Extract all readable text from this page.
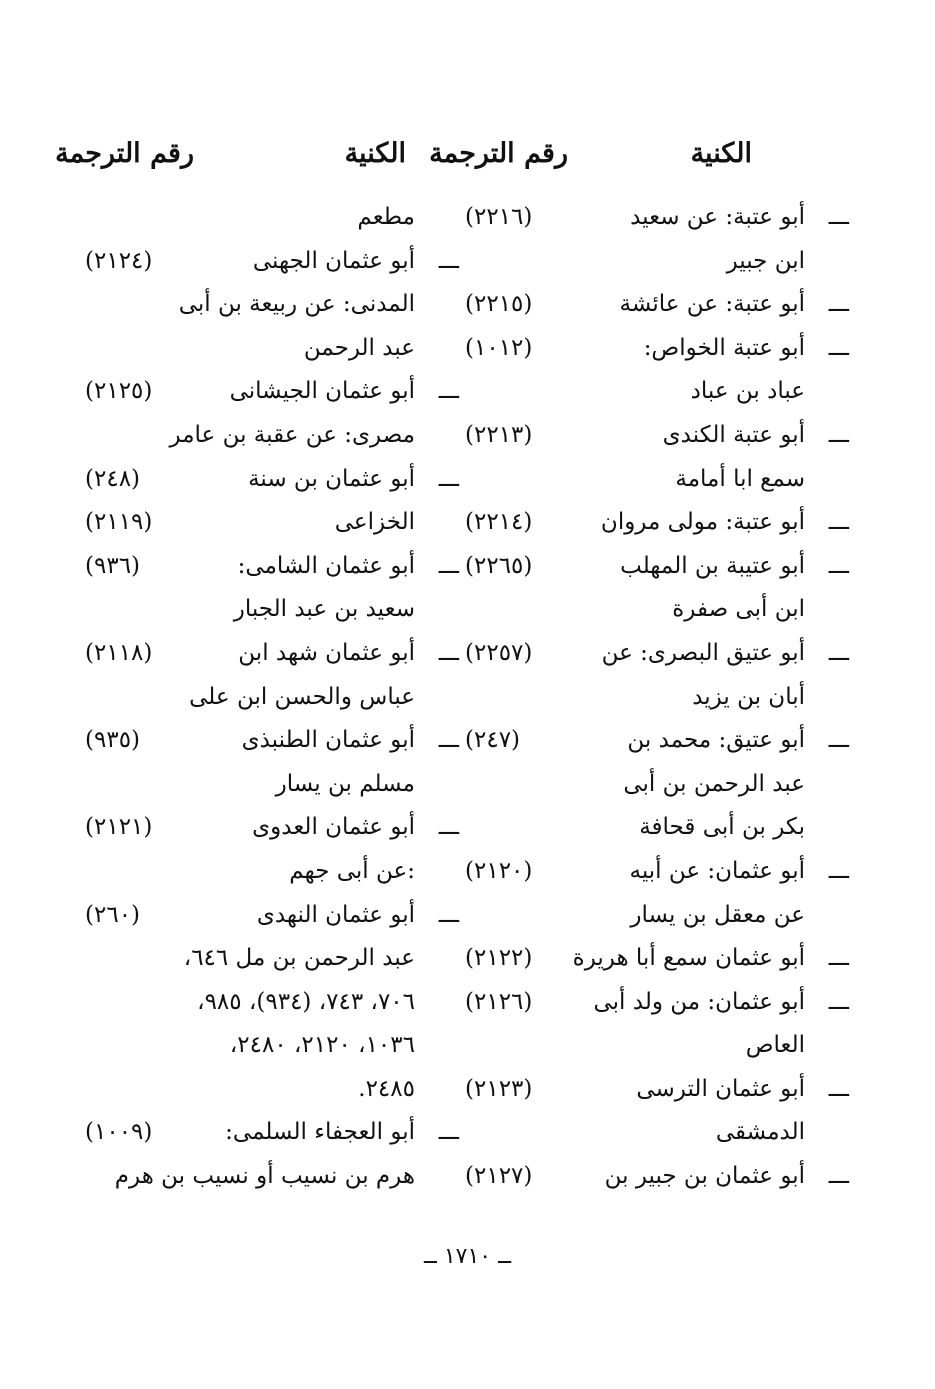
الكنية
رقم الترجمة
الكنية
رقم الترجمة
ـــ
أبو عتبة: عن سعيد
(٢٢١٦)
ابن جبير
ـــ
أبو عتبة: عن عائشة
(٢٢١٥)
ـــ
أبو عتبة الخواص:
(١٠١٢)
عباد بن عباد
ـــ
أبو عتبة الكندى
(٢٢١٣)
سمع ابا أمامة
ـــ
أبو عتبة: مولى مروان
(٢٢١٤)
ـــ
أبو عتيبة بن المهلب
(٢٢٦٥)
ابن أبى صفرة
ـــ
أبو عتيق البصرى: عن
(٢٢٥٧)
أبان بن يزيد
ـــ
أبو عتيق: محمد بن
(٢٤٧)
عبد الرحمن بن أبى
بكر بن أبى قحافة
ـــ
أبو عثمان: عن أبيه
(٢١٢٠)
عن معقل بن يسار
ـــ
أبو عثمان سمع أبا هريرة
(٢١٢٢)
ـــ
أبو عثمان: من ولد أبى
(٢١٢٦)
العاص
ـــ
أبو عثمان الترسى
(٢١٢٣)
الدمشقى
ـــ
أبو عثمان بن جبير بن
(٢١٢٧)
مطعم
ـــ
أبو عثمان الجهنى
(٢١٢٤)
المدنى: عن ربيعة بن أبى
عبد الرحمن
ـــ
أبو عثمان الجيشانى
(٢١٢٥)
مصرى: عن عقبة بن عامر
ـــ
أبو عثمان بن سنة
(٢٤٨)
الخزاعى
(٢١١٩)
ـــ
أبو عثمان الشامى:
(٩٣٦)
سعيد بن عبد الجبار
ـــ
أبو عثمان شهد ابن
(٢١١٨)
عباس والحسن ابن على
ـــ
أبو عثمان الطنبذى
(٩٣٥)
مسلم بن يسار
ـــ
أبو عثمان العدوى
(٢١٢١)
:عن أبى جهم
ـــ
أبو عثمان النهدى
(٢٦٠)
عبد الرحمن بن مل ٦٤٦،
٧٠٦، ٧٤٣، (٩٣٤)، ٩٨٥،
١٠٣٦، ٢١٢٠، ٢٤٨٠،
٢٤٨٥.
ـــ
أبو العجفاء السلمى:
(١٠٠٩)
هرم بن نسيب أو نسيب بن هرم
ــ ١٧١٠ ــ
